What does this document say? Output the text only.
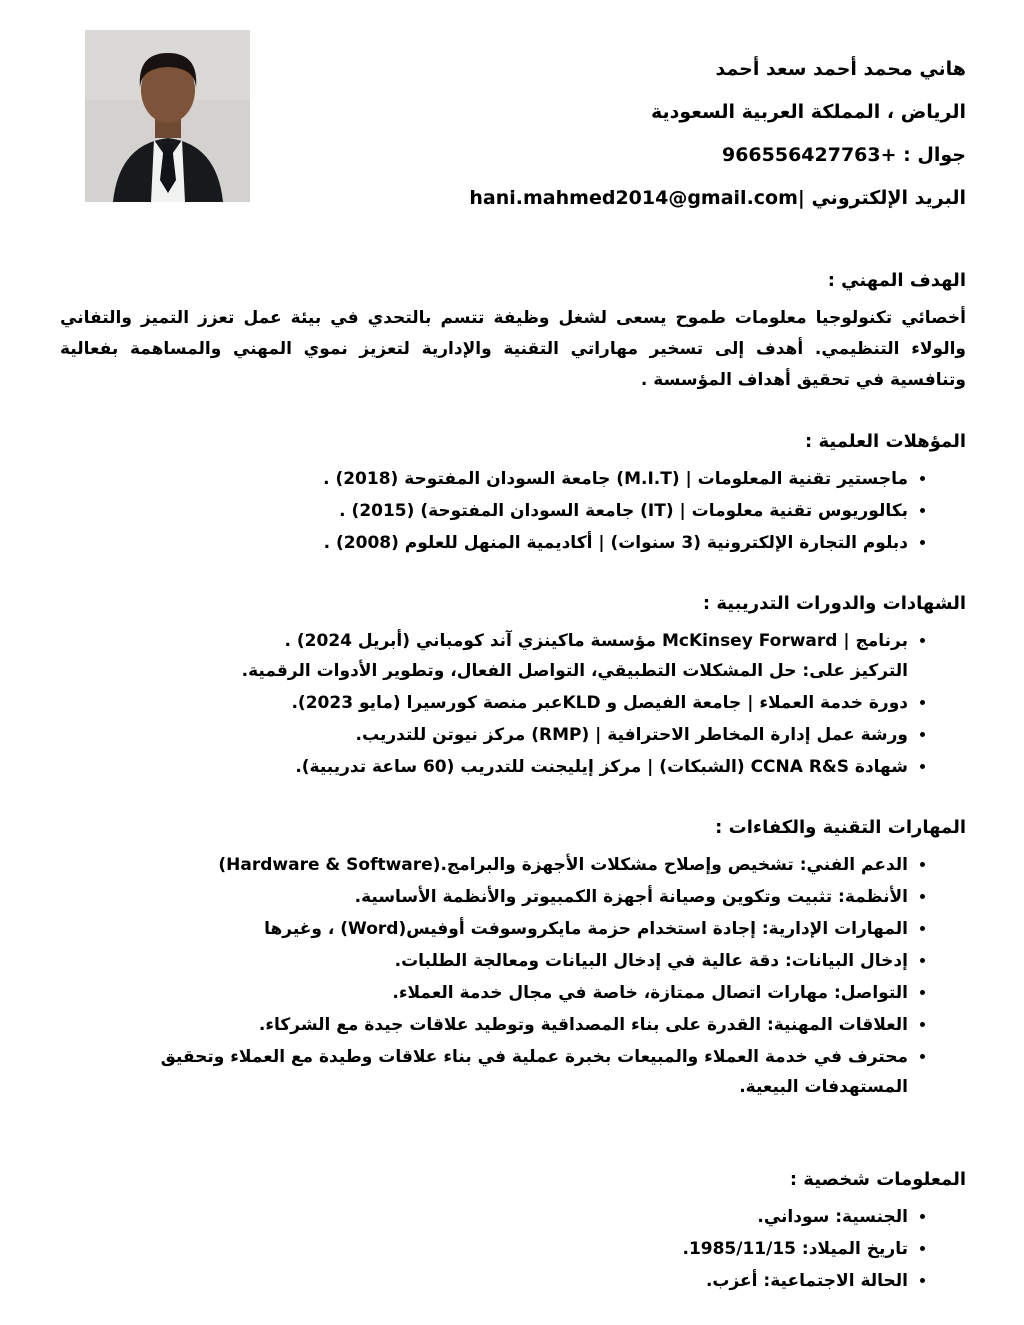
هاني محمد أحمد سعد أحمد
الرياض ، المملكة العربية السعودية
جوال : +966556427763
البريد الإلكتروني |hani.mahmed2014@gmail.com
الهدف المهني :
أخصائي تكنولوجيا معلومات طموح يسعى لشغل وظيفة تتسم بالتحدي في بيئة عمل تعزز التميز والتفاني والولاء التنظيمي. أهدف إلى تسخير مهاراتي التقنية والإدارية لتعزيز نموي المهني والمساهمة بفعالية وتنافسية في تحقيق أهداف المؤسسة .
المؤهلات العلمية :
• ماجستير تقنية المعلومات | (M.I.T) جامعة السودان المفتوحة (2018) .
• بكالوريوس تقنية معلومات | (IT) جامعة السودان المفتوحة) (2015) .
• دبلوم التجارة الإلكترونية (3 سنوات) | أكاديمية المنهل للعلوم (2008) .
الشهادات والدورات التدريبية :
• برنامج | McKinsey Forward مؤسسة ماكينزي آند كومباني (أبريل 2024) .
التركيز على: حل المشكلات التطبيقي، التواصل الفعال، وتطوير الأدوات الرقمية.
• دورة خدمة العملاء | جامعة الفيصل و KLDعبر منصة كورسيرا (مايو 2023).
• ورشة عمل إدارة المخاطر الاحترافية | (RMP) مركز نيوتن للتدريب.
• شهادة CCNA R&S (الشبكات) | مركز إيليجنت للتدريب (60 ساعة تدريبية).
المهارات التقنية والكفاءات :
• الدعم الفني: تشخيص وإصلاح مشكلات الأجهزة والبرامج.(Hardware & Software)
• الأنظمة: تثبيت وتكوين وصيانة أجهزة الكمبيوتر والأنظمة الأساسية.
• المهارات الإدارية: إجادة استخدام حزمة مايكروسوفت أوفيس(Word) ، وغيرها
• إدخال البيانات: دقة عالية في إدخال البيانات ومعالجة الطلبات.
• التواصل: مهارات اتصال ممتازة، خاصة في مجال خدمة العملاء.
• العلاقات المهنية: القدرة على بناء المصداقية وتوطيد علاقات جيدة مع الشركاء.
• محترف في خدمة العملاء والمبيعات بخبرة عملية في بناء علاقات وطيدة مع العملاء وتحقيق المستهدفات البيعية.
المعلومات شخصية :
• الجنسية: سوداني.
• تاريخ الميلاد: 1985/11/15.
• الحالة الاجتماعية: أعزب.
